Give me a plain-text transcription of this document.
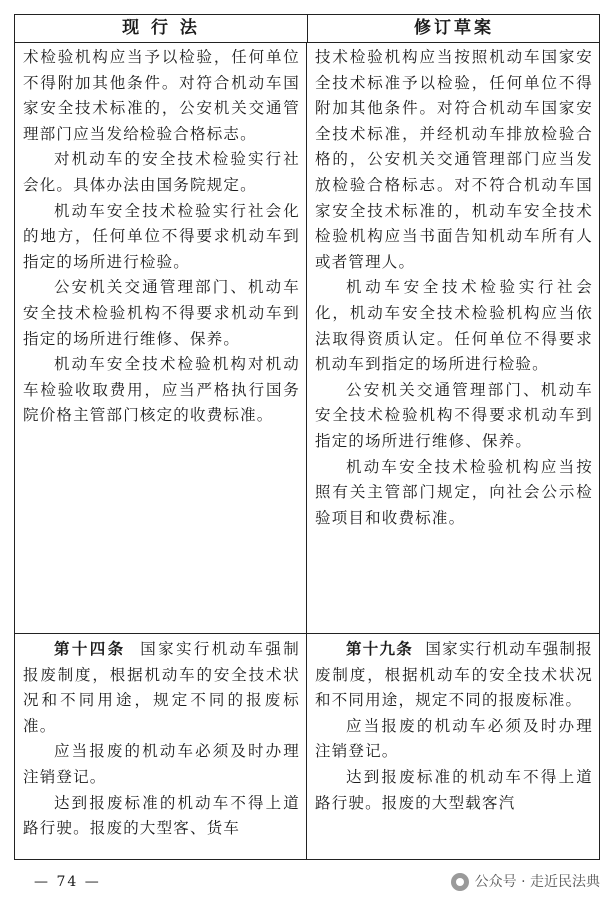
现 行 法	修订草案

术检验机构应当予以检验，任何单位不得附加其他条件。对符合机动车国家安全技术标准的，公安机关交通管理部门应当发给检验合格标志。

对机动车的安全技术检验实行社会化。具体办法由国务院规定。

机动车安全技术检验实行社会化的地方，任何单位不得要求机动车到指定的场所进行检验。

公安机关交通管理部门、机动车安全技术检验机构不得要求机动车到指定的场所进行维修、保养。

机动车安全技术检验机构对机动车检验收取费用，应当严格执行国务院价格主管部门核定的收费标准。

技术检验机构应当按照机动车国家安全技术标准予以检验，任何单位不得附加其他条件。对符合机动车国家安全技术标准，并经机动车排放检验合格的，公安机关交通管理部门应当发放检验合格标志。对不符合机动车国家安全技术标准的，机动车安全技术检验机构应当书面告知机动车所有人或者管理人。

机动车安全技术检验实行社会化，机动车安全技术检验机构应当依法取得资质认定。任何单位不得要求机动车到指定的场所进行检验。

公安机关交通管理部门、机动车安全技术检验机构不得要求机动车到指定的场所进行维修、保养。

机动车安全技术检验机构应当按照有关主管部门规定，向社会公示检验项目和收费标准。

第十四条 国家实行机动车强制报废制度，根据机动车的安全技术状况和不同用途，规定不同的报废标准。

应当报废的机动车必须及时办理注销登记。

达到报废标准的机动车不得上道路行驶。报废的大型客、货车

第十九条 国家实行机动车强制报废制度，根据机动车的安全技术状况和不同用途，规定不同的报废标准。

应当报废的机动车必须及时办理注销登记。

达到报废标准的机动车不得上道路行驶。报废的大型载客汽

— 74 —	公众号 · 走近民法典
